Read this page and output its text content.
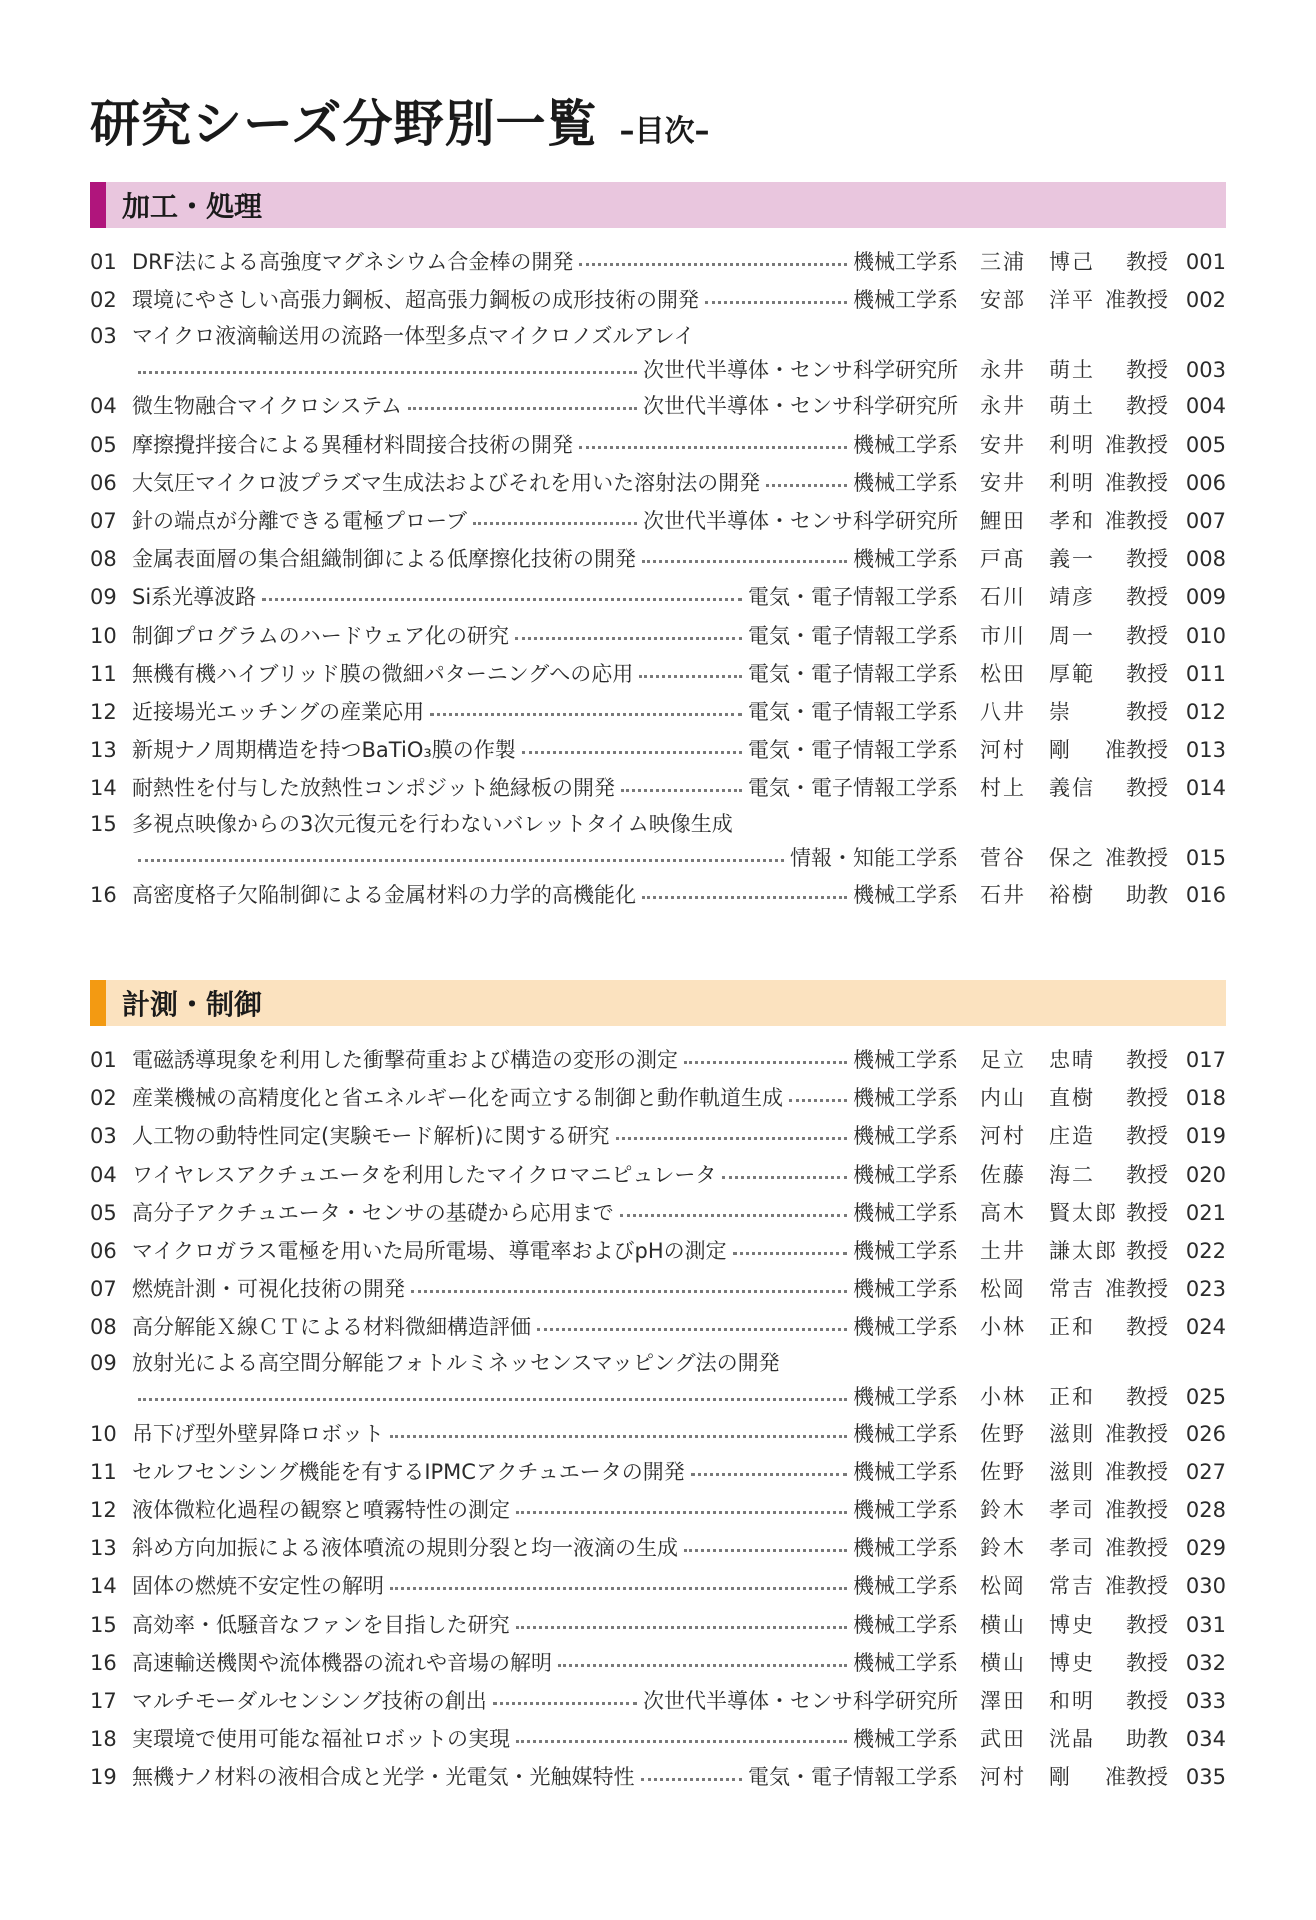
研究シーズ分野別一覧 –目次–
加工・処理
01 DRF法による高強度マグネシウム合金棒の開発	機械工学系	三浦　博己	教授 001
02 環境にやさしい高張力鋼板、超高張力鋼板の成形技術の開発	機械工学系	安部　洋平 准教授 002
03 マイクロ液滴輸送用の流路一体型多点マイクロノズルアレイ
次世代半導体・センサ科学研究所	永井　萌土	教授 003
04 微生物融合マイクロシステム	次世代半導体・センサ科学研究所	永井　萌土	教授 004
05 摩擦攪拌接合による異種材料間接合技術の開発	機械工学系	安井　利明 准教授 005
06 大気圧マイクロ波プラズマ生成法およびそれを用いた溶射法の開発	機械工学系	安井　利明 准教授 006
07 針の端点が分離できる電極プローブ	次世代半導体・センサ科学研究所	鯉田　孝和 准教授 007
08 金属表面層の集合組織制御による低摩擦化技術の開発	機械工学系	戸髙　義一	教授 008
09 Si系光導波路	電気・電子情報工学系	石川　靖彦	教授 009
10 制御プログラムのハードウェア化の研究	電気・電子情報工学系	市川　周一	教授 010
11 無機有機ハイブリッド膜の微細パターニングへの応用	電気・電子情報工学系	松田　厚範	教授 011
12 近接場光エッチングの産業応用	電気・電子情報工学系	八井　崇	教授 012
13 新規ナノ周期構造を持つBaTiO₃膜の作製	電気・電子情報工学系	河村　剛	准教授 013
14 耐熱性を付与した放熱性コンポジット絶縁板の開発	電気・電子情報工学系	村上　義信	教授 014
15 多視点映像からの3次元復元を行わないバレットタイム映像生成
情報・知能工学系	菅谷　保之 准教授 015
16 高密度格子欠陥制御による金属材料の力学的高機能化	機械工学系	石井　裕樹	助教 016
計測・制御
01 電磁誘導現象を利用した衝撃荷重および構造の変形の測定	機械工学系	足立　忠晴	教授 017
02 産業機械の高精度化と省エネルギー化を両立する制御と動作軌道生成	機械工学系	内山　直樹	教授 018
03 人工物の動特性同定(実験モード解析)に関する研究	機械工学系	河村　庄造	教授 019
04 ワイヤレスアクチュエータを利用したマイクロマニピュレータ	機械工学系	佐藤　海二	教授 020
05 高分子アクチュエータ・センサの基礎から応用まで	機械工学系	高木　賢太郎 教授 021
06 マイクロガラス電極を用いた局所電場、導電率およびpHの測定	機械工学系	土井　謙太郎 教授 022
07 燃焼計測・可視化技術の開発	機械工学系	松岡　常吉 准教授 023
08 高分解能Ｘ線ＣＴによる材料微細構造評価	機械工学系	小林　正和	教授 024
09 放射光による高空間分解能フォトルミネッセンスマッピング法の開発
機械工学系	小林　正和	教授 025
10 吊下げ型外壁昇降ロボット	機械工学系	佐野　滋則 准教授 026
11 セルフセンシング機能を有するIPMCアクチュエータの開発	機械工学系	佐野　滋則 准教授 027
12 液体微粒化過程の観察と噴霧特性の測定	機械工学系	鈴木　孝司 准教授 028
13 斜め方向加振による液体噴流の規則分裂と均一液滴の生成	機械工学系	鈴木　孝司 准教授 029
14 固体の燃焼不安定性の解明	機械工学系	松岡　常吉 准教授 030
15 高効率・低騒音なファンを目指した研究	機械工学系	横山　博史	教授 031
16 高速輸送機関や流体機器の流れや音場の解明	機械工学系	横山　博史	教授 032
17 マルチモーダルセンシング技術の創出	次世代半導体・センサ科学研究所	澤田　和明	教授 033
18 実環境で使用可能な福祉ロボットの実現	機械工学系	武田　洸晶	助教 034
19 無機ナノ材料の液相合成と光学・光電気・光触媒特性	電気・電子情報工学系	河村　剛	准教授 035
